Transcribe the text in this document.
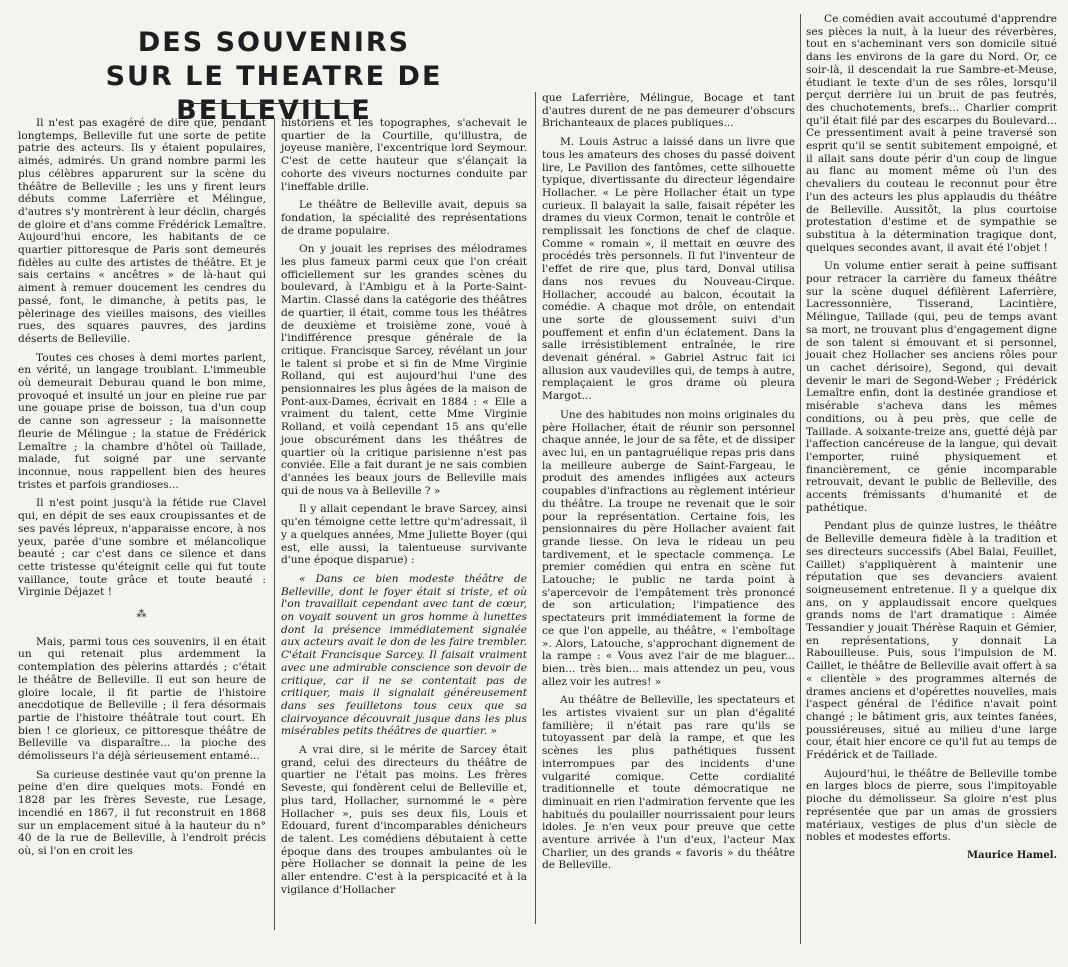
DES SOUVENIRS
SUR LE THEATRE DE BELLEVILLE

Il n'est pas exagéré de dire que, pendant longtemps, Belleville fut une sorte de petite patrie des acteurs. Ils y étaient populaires, aimés, admirés. Un grand nombre parmi les plus célèbres apparurent sur la scène du théâtre de Belleville ; les uns y firent leurs débuts comme Laferrière et Mélingue, d'autres s'y montrèrent à leur déclin, chargés de gloire et d'ans comme Frédérick Lemaître. Aujourd'hui encore, les habitants de ce quartier pittoresque de Paris sont demeurés fidèles au culte des artistes de théâtre. Et je sais certains « ancêtres » de là-haut qui aiment à remuer doucement les cendres du passé, font, le dimanche, à petits pas, le pèlerinage des vieilles maisons, des vieilles rues, des squares pauvres, des jardins déserts de Belleville.

Toutes ces choses à demi mortes parlent, en vérité, un langage troublant. L'immeuble où demeurait Deburau quand le bon mime, provoqué et insulté un jour en pleine rue par une gouape prise de boisson, tua d'un coup de canne son agresseur ; la maisonnette fleurie de Mélingue ; la statue de Frédérick Lemaître ; la chambre d'hôtel où Taillade, malade, fut soigné par une servante inconnue, nous rappellent bien des heures tristes et parfois grandioses...

Il n'est point jusqu'à la fétide rue Clavel qui, en dépit de ses eaux croupissantes et de ses pavés lépreux, n'apparaisse encore, à nos yeux, parée d'une sombre et mélancolique beauté ; car c'est dans ce silence et dans cette tristesse qu'éteignit celle qui fut toute vaillance, toute grâce et toute beauté : Virginie Déjazet !

⁂

Mais, parmi tous ces souvenirs, il en était un qui retenait plus ardemment la contemplation des pèlerins attardés ; c'était le théâtre de Belleville. Il eut son heure de gloire locale, il fit partie de l'histoire anecdotique de Belleville ; il fera désormais partie de l'histoire théâtrale tout court. Eh bien ! ce glorieux, ce pittoresque théâtre de Belleville va disparaître... la pioche des démolisseurs l'a déjà sérieusement entamé...

Sa curieuse destinée vaut qu'on prenne la peine d'en dire quelques mots. Fondé en 1828 par les frères Seveste, rue Lesage, incendié en 1867, il fut reconstruit en 1868 sur un emplacement situé à la hauteur du n° 40 de la rue de Belleville, à l'endroit précis où, si l'on en croit les

historiens et les topographes, s'achevait le quartier de la Courtille, qu'illustra, de joyeuse manière, l'excentrique lord Seymour. C'est de cette hauteur que s'élançait la cohorte des viveurs nocturnes conduite par l'ineffable drille.

Le théâtre de Belleville avait, depuis sa fondation, la spécialité des représentations de drame populaire.

On y jouait les reprises des mélodrames les plus fameux parmi ceux que l'on créait officiellement sur les grandes scènes du boulevard, à l'Ambigu et à la Porte-Saint-Martin. Classé dans la catégorie des théâtres de quartier, il était, comme tous les théâtres de deuxième et troisième zone, voué à l'indifférence presque générale de la critique. Francisque Sarcey, révélant un jour le talent si probe et si fin de Mme Virginie Rolland, qui est aujourd'hui l'une des pensionnaires les plus âgées de la maison de Pont-aux-Dames, écrivait en 1884 : « Elle a vraiment du talent, cette Mme Virginie Rolland, et voilà cependant 15 ans qu'elle joue obscurément dans les théâtres de quartier où la critique parisienne n'est pas conviée. Elle a fait durant je ne sais combien d'années les beaux jours de Belleville mais qui de nous va à Belleville ? »

Il y allait cependant le brave Sarcey, ainsi qu'en témoigne cette lettre qu'm'adressait, il y a quelques années, Mme Juliette Boyer (qui est, elle aussi, la talentueuse survivante d'une époque disparue) :

« Dans ce bien modeste théâtre de Belleville, dont le foyer était si triste, et où l'on travaillait cependant avec tant de cœur, on voyait souvent un gros homme à lunettes dont la présence immédiatement signalée aux acteurs avait le don de les faire trembler. C'était Francisque Sarcey. Il faisait vraiment avec une admirable conscience son devoir de critique, car il ne se contentait pas de critiquer, mais il signalait généreusement dans ses feuilletons tous ceux que sa clairvoyance découvrait jusque dans les plus misérables petits théâtres de quartier. »

A vrai dire, si le mérite de Sarcey était grand, celui des directeurs du théâtre de quartier ne l'était pas moins. Les frères Seveste, qui fondèrent celui de Belleville et, plus tard, Hollacher, surnommé le « père Hollacher », puis ses deux fils, Louis et Edouard, furent d'incomparables dénicheurs de talent. Les comédiens débutaient à cette époque dans des troupes ambulantes où le père Hollacher se donnait la peine de les aller entendre. C'est à la perspicacité et à la vigilance d'Hollacher

que Laferrière, Mélingue, Bocage et tant d'autres durent de ne pas demeurer d'obscurs Brichanteaux de places publiques...

M. Louis Astruc a laissé dans un livre que tous les amateurs des choses du passé doivent lire, Le Pavillon des fantômes, cette silhouette typique, divertissante du directeur légendaire Hollacher. « Le père Hollacher était un type curieux. Il balayait la salle, faisait répéter les drames du vieux Cormon, tenait le contrôle et remplissait les fonctions de chef de claque. Comme « romain », il mettait en œuvre des procédés très personnels. Il fut l'inventeur de l'effet de rire que, plus tard, Donval utilisa dans nos revues du Nouveau-Cirque. Hollacher, accoudé au balcon, écoutait la comédie. A chaque mot drôle, on entendait une sorte de gloussement suivi d'un pouffement et enfin d'un éclatement. Dans la salle irrésistiblement entraînée, le rire devenait général. » Gabriel Astruc fait ici allusion aux vaudevilles qui, de temps à autre, remplaçaient le gros drame où pleura Margot...

Une des habitudes non moins originales du père Hollacher, était de réunir son personnel chaque année, le jour de sa fête, et de dissiper avec lui, en un pantagruélique repas pris dans la meilleure auberge de Saint-Fargeau, le produit des amendes infligées aux acteurs coupables d'infractions au règlement intérieur du théâtre. La troupe ne revenait que le soir pour la représentation. Certaine fois, les pensionnaires du père Hollacher avaient fait grande liesse. On leva le rideau un peu tardivement, et le spectacle commença. Le premier comédien qui entra en scène fut Latouche; le public ne tarda point à s'apercevoir de l'empâtement très prononcé de son articulation; l'impatience des spectateurs prit immédiatement la forme de ce que l'on appelle, au théâtre, « l'emboîtage ». Alors, Latouche, s'approchant dignement de la rampe : « Vous avez l'air de me blaguer... bien... très bien... mais attendez un peu, vous allez voir les autres! »

Au théâtre de Belleville, les spectateurs et les artistes vivaient sur un plan d'égalité familière; il n'était pas rare qu'ils se tutoyassent par delà la rampe, et que les scènes les plus pathétiques fussent interrompues par des incidents d'une vulgarité comique. Cette cordialité traditionnelle et toute démocratique ne diminuait en rien l'admiration fervente que les habitués du poulailler nourrissaient pour leurs idoles. Je n'en veux pour preuve que cette aventure arrivée à l'un d'eux, l'acteur Max Charlier, un des grands « favoris » du théâtre de Belleville.

Ce comédien avait accoutumé d'apprendre ses pièces la nuit, à la lueur des réverbères, tout en s'acheminant vers son domicile situé dans les environs de la gare du Nord. Or, ce soir-là, il descendait la rue Sambre-et-Meuse, étudiant le texte d'un de ses rôles, lorsqu'il perçut derrière lui un bruit de pas feutrés, des chuchotements, brefs... Charlier comprit qu'il était filé par des escarpes du Boulevard... Ce pressentiment avait à peine traversé son esprit qu'il se sentit subitement empoigné, et il allait sans doute périr d'un coup de lingue au flanc au moment même où l'un des chevaliers du couteau le reconnut pour être l'un des acteurs les plus applaudis du théâtre de Belleville. Aussitôt, la plus courtoise protestation d'estime et de sympathie se substitua à la détermination tragique dont, quelques secondes avant, il avait été l'objet !

Un volume entier serait à peine suffisant pour retracer la carrière du fameux théâtre sur la scène duquel défilèrent Laferrière, Lacressonnière, Tisserand, Lacintière, Mélingue, Taillade (qui, peu de temps avant sa mort, ne trouvant plus d'engagement digne de son talent si émouvant et si personnel, jouait chez Hollacher ses anciens rôles pour un cachet dérisoire), Segond, qui devait devenir le mari de Segond-Weber ; Frédérick Lemaître enfin, dont la destinée grandiose et misérable s'acheva dans les mêmes conditions, ou à peu près, que celle de Taillade. A soixante-treize ans, guetté déjà par l'affection cancéreuse de la langue, qui devait l'emporter, ruiné physiquement et financièrement, ce génie incomparable retrouvait, devant le public de Belleville, des accents frémissants d'humanité et de pathétique.

Pendant plus de quinze lustres, le théâtre de Belleville demeura fidèle à la tradition et ses directeurs successifs (Abel Balai, Feuillet, Caillet) s'appliquèrent à maintenir une réputation que ses devanciers avaient soigneusement entretenue. Il y a quelque dix ans, on y applaudissait encore quelques grands noms de l'art dramatique : Aimée Tessandier y jouait Thérèse Raquin et Gémier, en représentations, y donnait La Rabouilleuse. Puis, sous l'impulsion de M. Caillet, le théâtre de Belleville avait offert à sa « clientèle » des programmes alternés de drames anciens et d'opérettes nouvelles, mais l'aspect général de l'édifice n'avait point changé ; le bâtiment gris, aux teintes fanées, poussiéreuses, situé au milieu d'une large cour, était hier encore ce qu'il fut au temps de Frédérick et de Taillade.

Aujourd'hui, le théâtre de Belleville tombe en larges blocs de pierre, sous l'impitoyable pioche du démolisseur. Sa gloire n'est plus représentée que par un amas de grossiers matériaux, vestiges de plus d'un siècle de nobles et modestes efforts.

Maurice Hamel.
